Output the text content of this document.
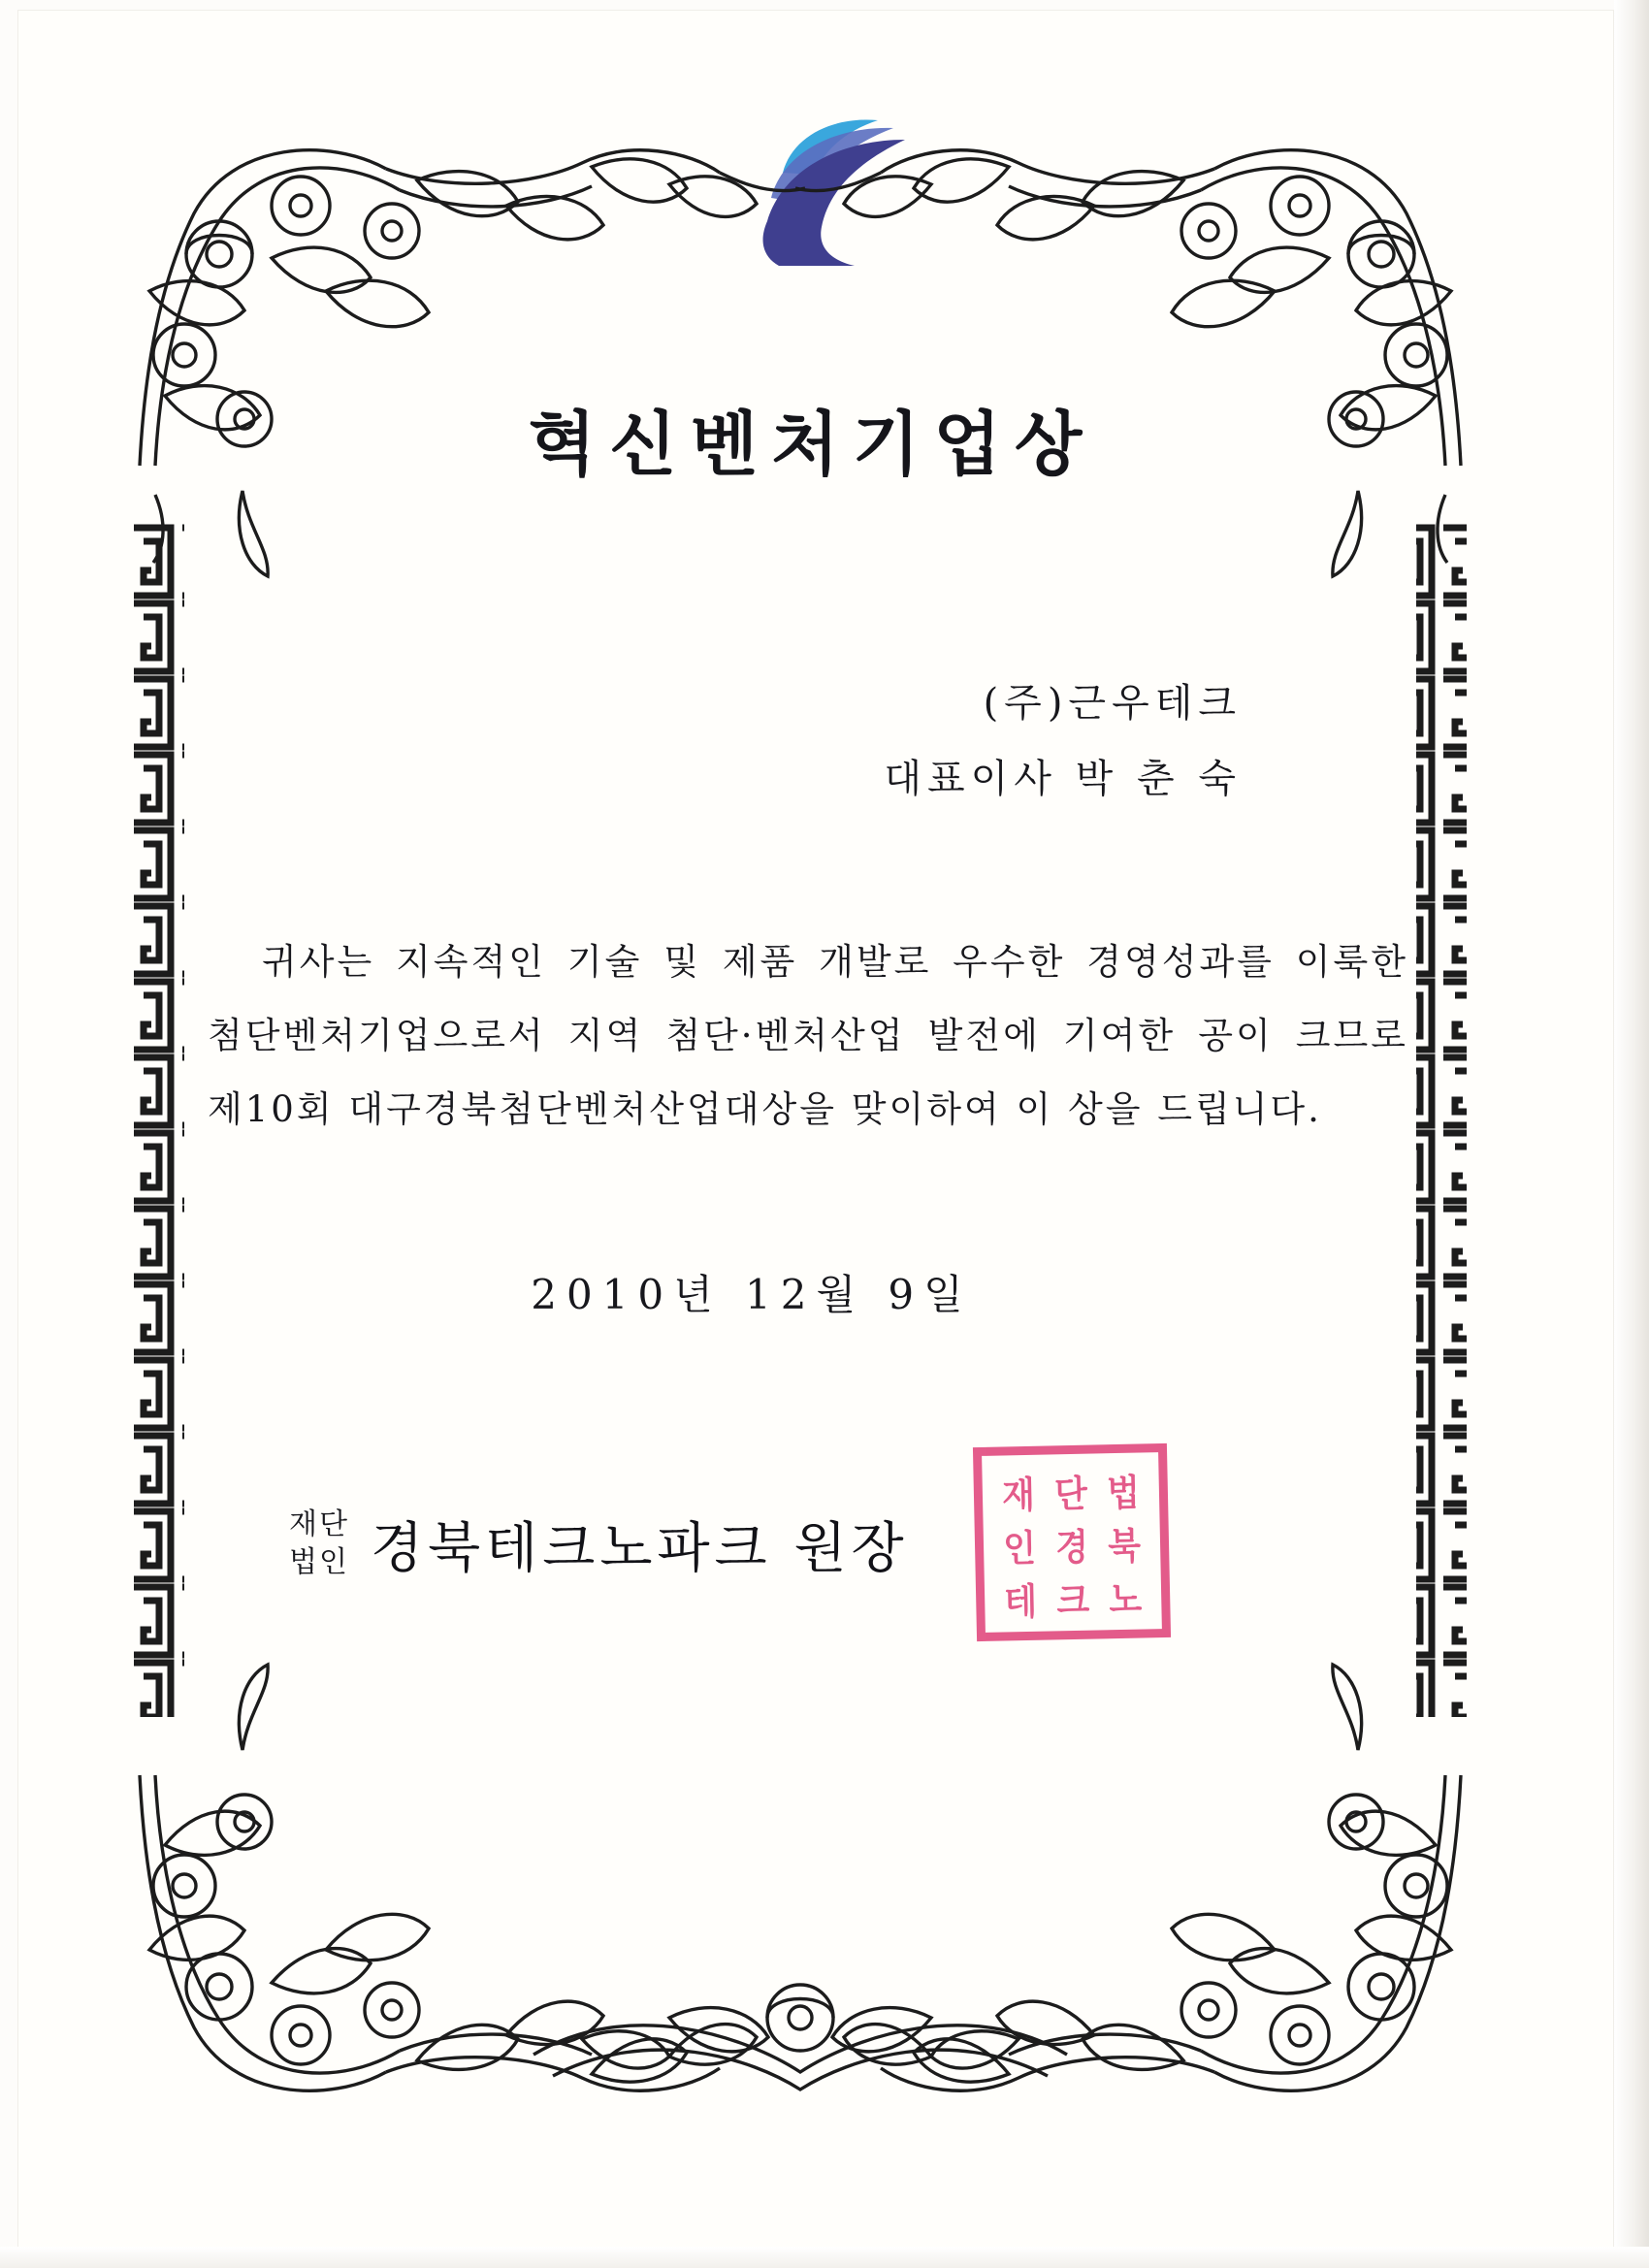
혁신벤처기업상
(주)근우테크
대표이사 박 춘 숙
귀사는 지속적인 기술 및 제품 개발로 우수한 경영성과를 이룩한 첨단벤처기업으로서 지역 첨단·벤처산업 발전에 기여한 공이 크므로 제10회 대구경북첨단벤처산업대상을 맞이하여 이 상을 드립니다.
2010년 12월 9일
재단
법인 경북테크노파크 원장
재 단 법
인 경 북
테 크 노
